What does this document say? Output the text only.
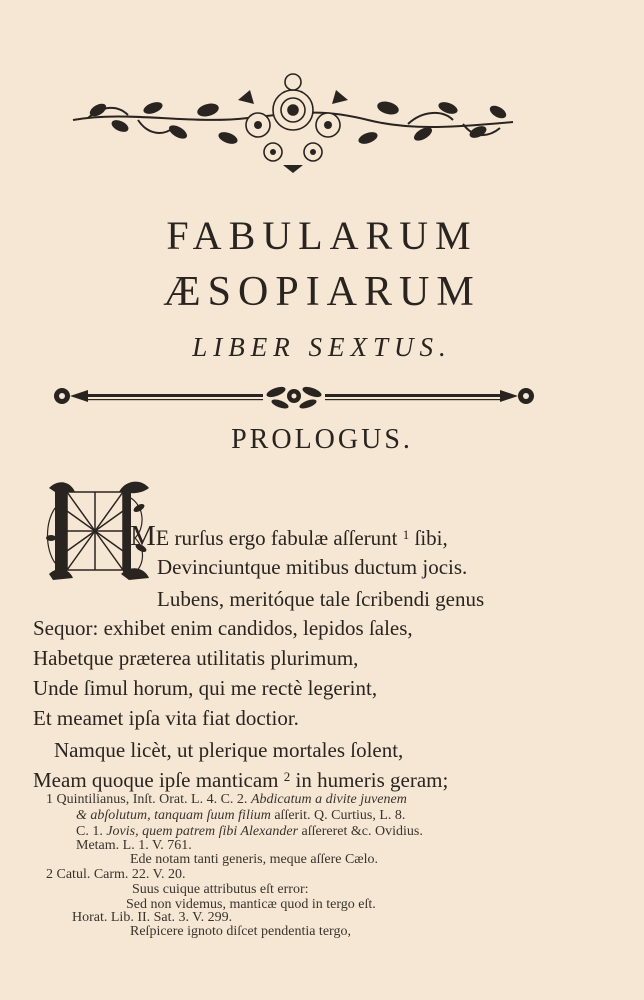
FABULARUM
ÆSOPIARUM
LIBER SEXTUS.
PROLOGUS.
ME rurſus ergo fabulæ aſſerunt $^1$ ſibi,
Devinciuntque mitibus ductum jocis.
Lubens, meritóque tale ſcribendi genus
Sequor: exhibet enim candidos, lepidos ſales,
Habetque præterea utilitatis plurimum,
Unde ſimul horum, qui me rectè legerint,
Et meamet ipſa vita fiat doctior.
Namque licèt, ut plerique mortales ſolent,
Meam quoque ipſe manticam $^2$ in humeris geram;
1 Quintilianus, Inſt. Orat. L. 4. C. 2. Abdicatum a divite juvenem
& abſolutum, tanquam ſuum filium aſſerit. Q. Curtius, L. 8.
C. 1. Jovis, quem patrem ſibi Alexander aſſereret &c. Ovidius.
Metam. L. 1. V. 761.
Ede notam tanti generis, meque aſſere Cælo.
2 Catul. Carm. 22. V. 20.
Suus cuique attributus eſt error:
Sed non videmus, manticæ quod in tergo eſt.
Horat. Lib. II. Sat. 3. V. 299.
Reſpicere ignoto diſcet pendentia tergo,
